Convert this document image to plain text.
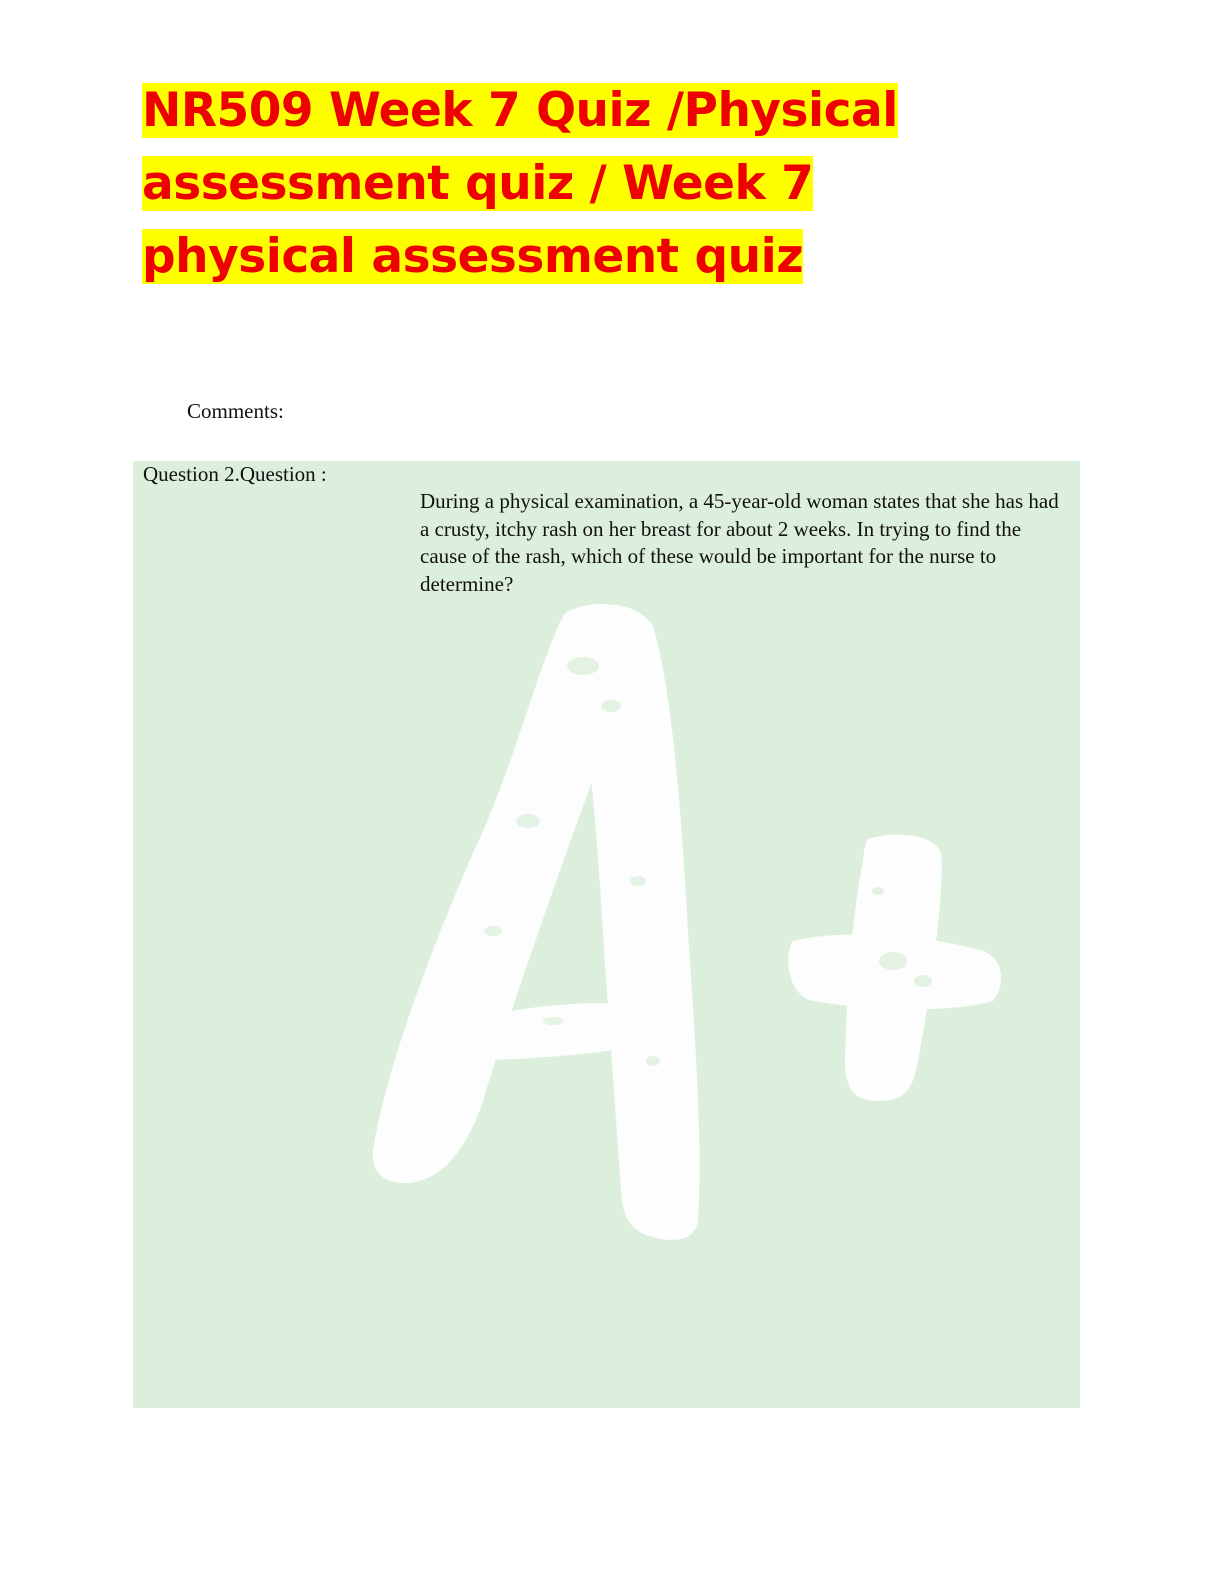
NR509 Week 7 Quiz /Physical assessment quiz / Week 7 physical assessment quiz
Comments:
Question 2.Question :
During a physical examination, a 45-year-old woman states that she has had a crusty, itchy rash on her breast for about 2 weeks. In trying to find the cause of the rash, which of these would be important for the nurse to determine?
